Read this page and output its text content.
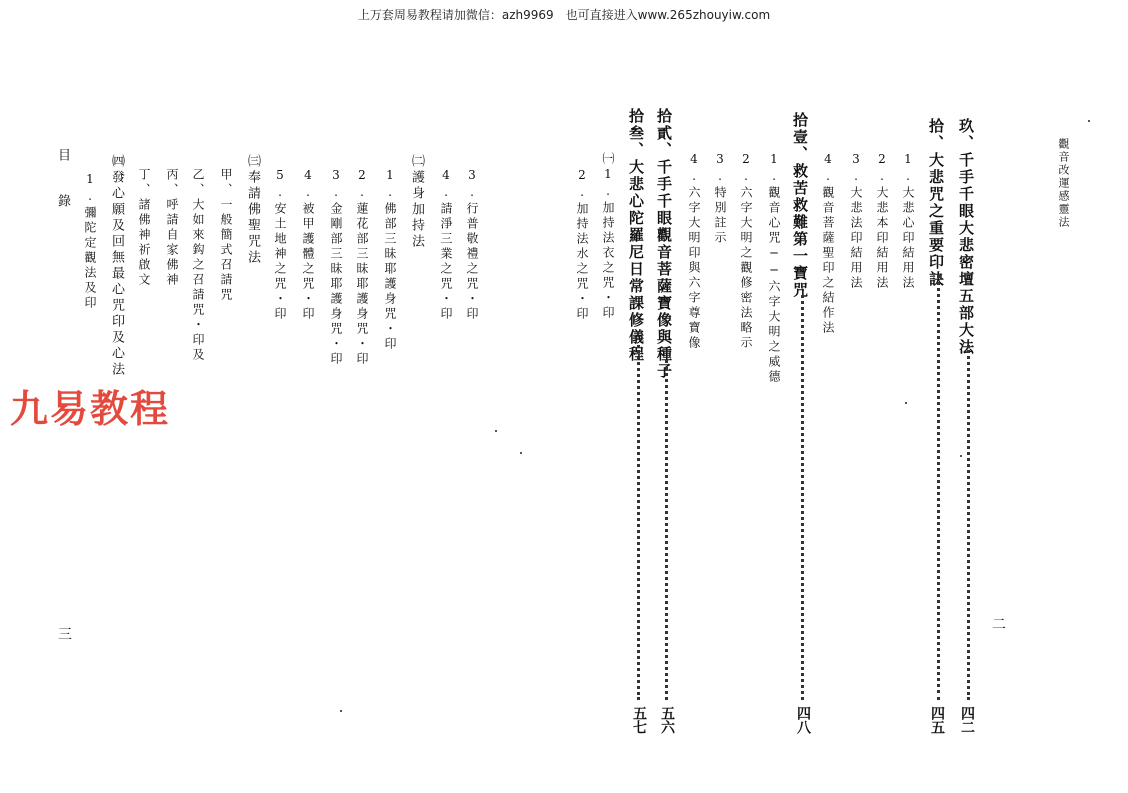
上万套周易教程请加微信：azh9969　也可直接进入www.265zhouyiw.com
觀音改運感靈法
二
玖、千手千眼大悲密壇五部大法
四二
拾、大悲咒之重要印訣
四五
1.大悲心印結用法
2.大悲本印結用法
3.大悲法印結用法
4.觀音菩薩聖印之結作法
拾壹、救苦救難第一寶咒
四八
1.觀音心咒──六字大明之威德
2.六字大明之觀修密法略示
3.特別註示
4.六字大明印與六字尊寶像
拾貳、千手千眼觀音菩薩寶像與種子
五六
拾叁、大悲心陀羅尼日常課修儀程
五七
㈠1.加持法衣之咒・印
2.加持法水之咒・印
3.行普敬禮之咒・印
4.請淨三業之咒・印
㈡護身加持法
1.佛部三昧耶護身咒・印
2.蓮花部三昧耶護身咒・印
3.金剛部三昧耶護身咒・印
4.被甲護體之咒・印
5.安土地神之咒・印
㈢奉請佛聖咒法
甲、一般簡式召請咒
乙、大如來鈎之召請咒・印及
丙、呼請自家佛神
丁、諸佛神祈啟文
㈣發心願及回無最心咒印及心法
1.彌陀定觀法及印
目　錄
三
九易教程
